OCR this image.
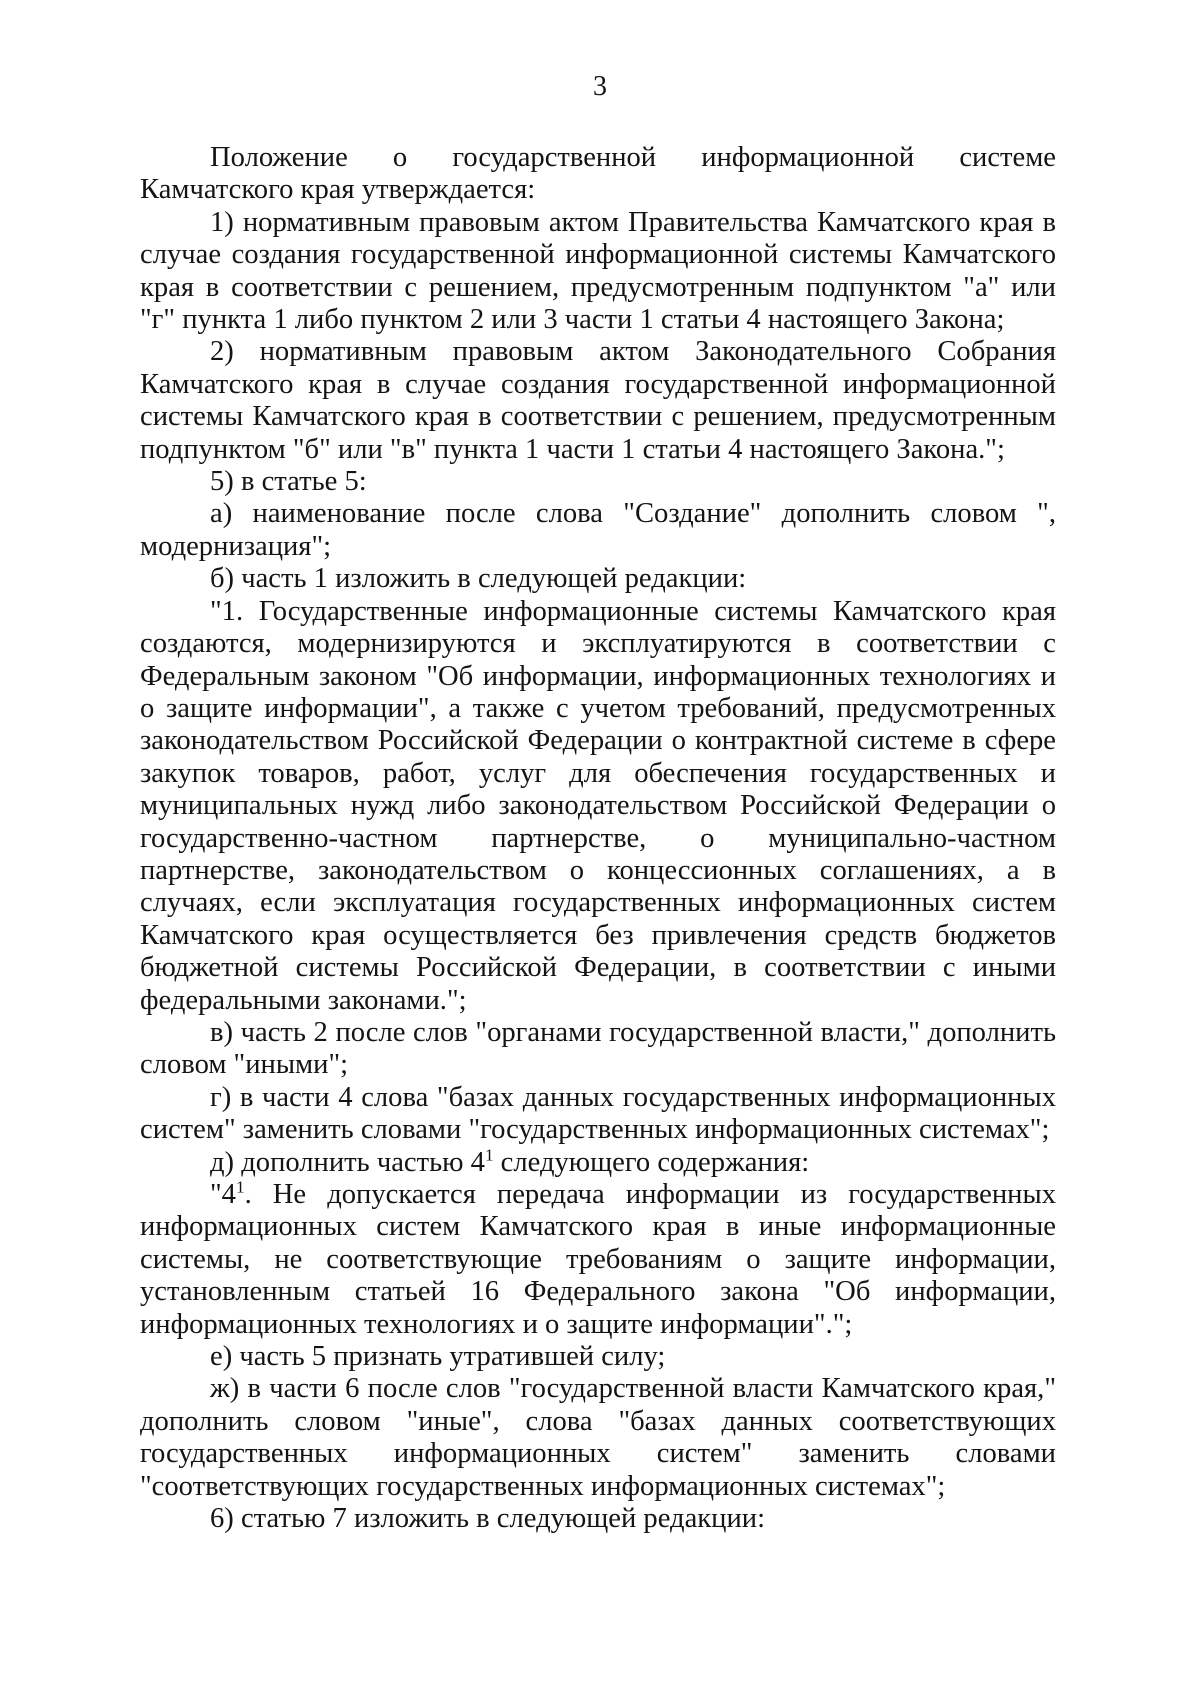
3

Положение о государственной информационной системе Камчатского края утверждается:

1) нормативным правовым актом Правительства Камчатского края в случае создания государственной информационной системы Камчатского края в соответствии с решением, предусмотренным подпунктом "а" или "г" пункта 1 либо пунктом 2 или 3 части 1 статьи 4 настоящего Закона;

2) нормативным правовым актом Законодательного Собрания Камчатского края в случае создания государственной информационной системы Камчатского края в соответствии с решением, предусмотренным подпунктом "б" или "в" пункта 1 части 1 статьи 4 настоящего Закона.";

5) в статье 5:

а) наименование после слова "Создание" дополнить словом ", модернизация";

б) часть 1 изложить в следующей редакции:

"1. Государственные информационные системы Камчатского края создаются, модернизируются и эксплуатируются в соответствии с Федеральным законом "Об информации, информационных технологиях и о защите информации", а также с учетом требований, предусмотренных законодательством Российской Федерации о контрактной системе в сфере закупок товаров, работ, услуг для обеспечения государственных и муниципальных нужд либо законодательством Российской Федерации о государственно-частном партнерстве, о муниципально-частном партнерстве, законодательством о концессионных соглашениях, а в случаях, если эксплуатация государственных информационных систем Камчатского края осуществляется без привлечения средств бюджетов бюджетной системы Российской Федерации, в соответствии с иными федеральными законами.";

в) часть 2 после слов "органами государственной власти," дополнить словом "иными";

г) в части 4 слова "базах данных государственных информационных систем" заменить словами "государственных информационных системах";

д) дополнить частью $4^1$ следующего содержания:

"$4^1$. Не допускается передача информации из государственных информационных систем Камчатского края в иные информационные системы, не соответствующие требованиям о защите информации, установленным статьей 16 Федерального закона "Об информации, информационных технологиях и о защите информации".";

е) часть 5 признать утратившей силу;

ж) в части 6 после слов "государственной власти Камчатского края," дополнить словом "иные", слова "базах данных соответствующих государственных информационных систем" заменить словами "соответствующих государственных информационных системах";

6) статью 7 изложить в следующей редакции:
